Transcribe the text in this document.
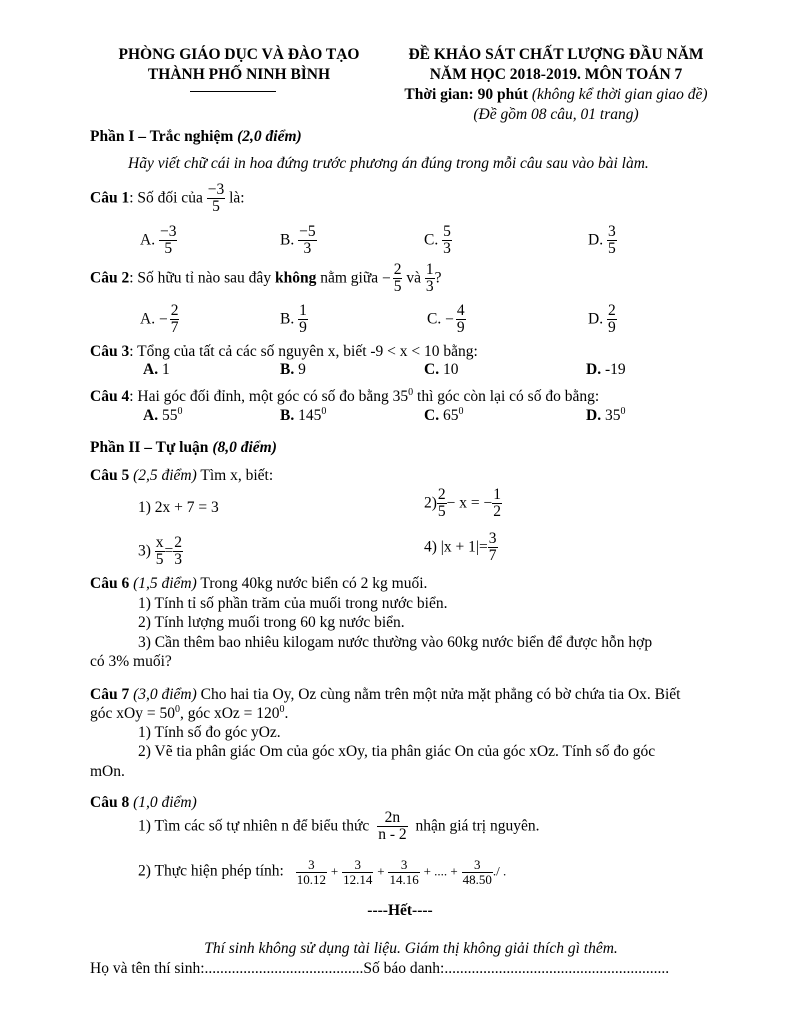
PHÒNG GIÁO DỤC VÀ ĐÀO TẠO
THÀNH PHỐ NINH BÌNH
ĐỀ KHẢO SÁT CHẤT LƯỢNG ĐẦU NĂM
NĂM HỌC 2018-2019. MÔN TOÁN 7
Thời gian: 90 phút (không kể thời gian giao đề)
(Đề gồm 08 câu, 01 trang)
Phần I – Trắc nghiệm (2,0 điểm)
Hãy viết chữ cái in hoa đứng trước phương án đúng trong mỗi câu sau vào bài làm.
Câu 1: Số đối của $\frac{-3}{5}$ là:
A. $\frac{-3}{5}$	B. $\frac{-5}{3}$	C. $\frac{5}{3}$	D. $\frac{3}{5}$
Câu 2: Số hữu tỉ nào sau đây không nằm giữa − $\frac{2}{5}$ và $\frac{1}{3}$ ?
A. − $\frac{2}{7}$	B. $\frac{1}{9}$	C. − $\frac{4}{9}$	D. $\frac{2}{9}$
Câu 3: Tổng của tất cả các số nguyên x, biết -9 < x < 10 bằng:
A. 1	B. 9	C. 10	D. -19
Câu 4: Hai góc đối đỉnh, một góc có số đo bằng $35^0$ thì góc còn lại có số đo bằng:
A. $55^0$	B. $145^0$	C. $65^0$	D. $35^0$
Phần II – Tự luận (8,0 điểm)
Câu 5 (2,5 điểm) Tìm x, biết:
1) 2x + 7 = 3	$2) \frac{2}{5} - x$ = − $\frac{1}{2}$
$3) \frac{x}{5} = \frac{2}{3}$	4) $|x + 1|= \frac{3}{7}$
Câu 6 (1,5 điểm) Trong 40kg nước biển có 2 kg muối.
1) Tính tỉ số phần trăm của muối trong nước biển.
2) Tính lượng muối trong 60 kg nước biển.
3) Cần thêm bao nhiêu kilogam nước thường vào 60kg nước biển để được hỗn hợp
có 3% muối?
Câu 7 (3,0 điểm) Cho hai tia Oy, Oz cùng nằm trên một nửa mặt phẳng có bờ chứa tia Ox. Biết
góc xOy = $50^0$, góc xOz = $120^0$.
1) Tính số đo góc yOz.
2) Vẽ tia phân giác Om của góc xOy, tia phân giác On của góc xOz. Tính số đo góc
mOn.
Câu 8 (1,0 điểm)
1) Tìm các số tự nhiên n để biểu thức $\frac{2n}{n - 2}$ nhận giá trị nguyên.
2) Thực hiện phép tính: $\frac{3}{10.12} + \frac{3}{12.14} + \frac{3}{14.16}$ + .... + $\frac{3}{48.50}$ ./ .
----Hết----
Thí sinh không sử dụng tài liệu. Giám thị không giải thích gì thêm.
Họ và tên thí sinh:.........................................Số báo danh:..........................................................
